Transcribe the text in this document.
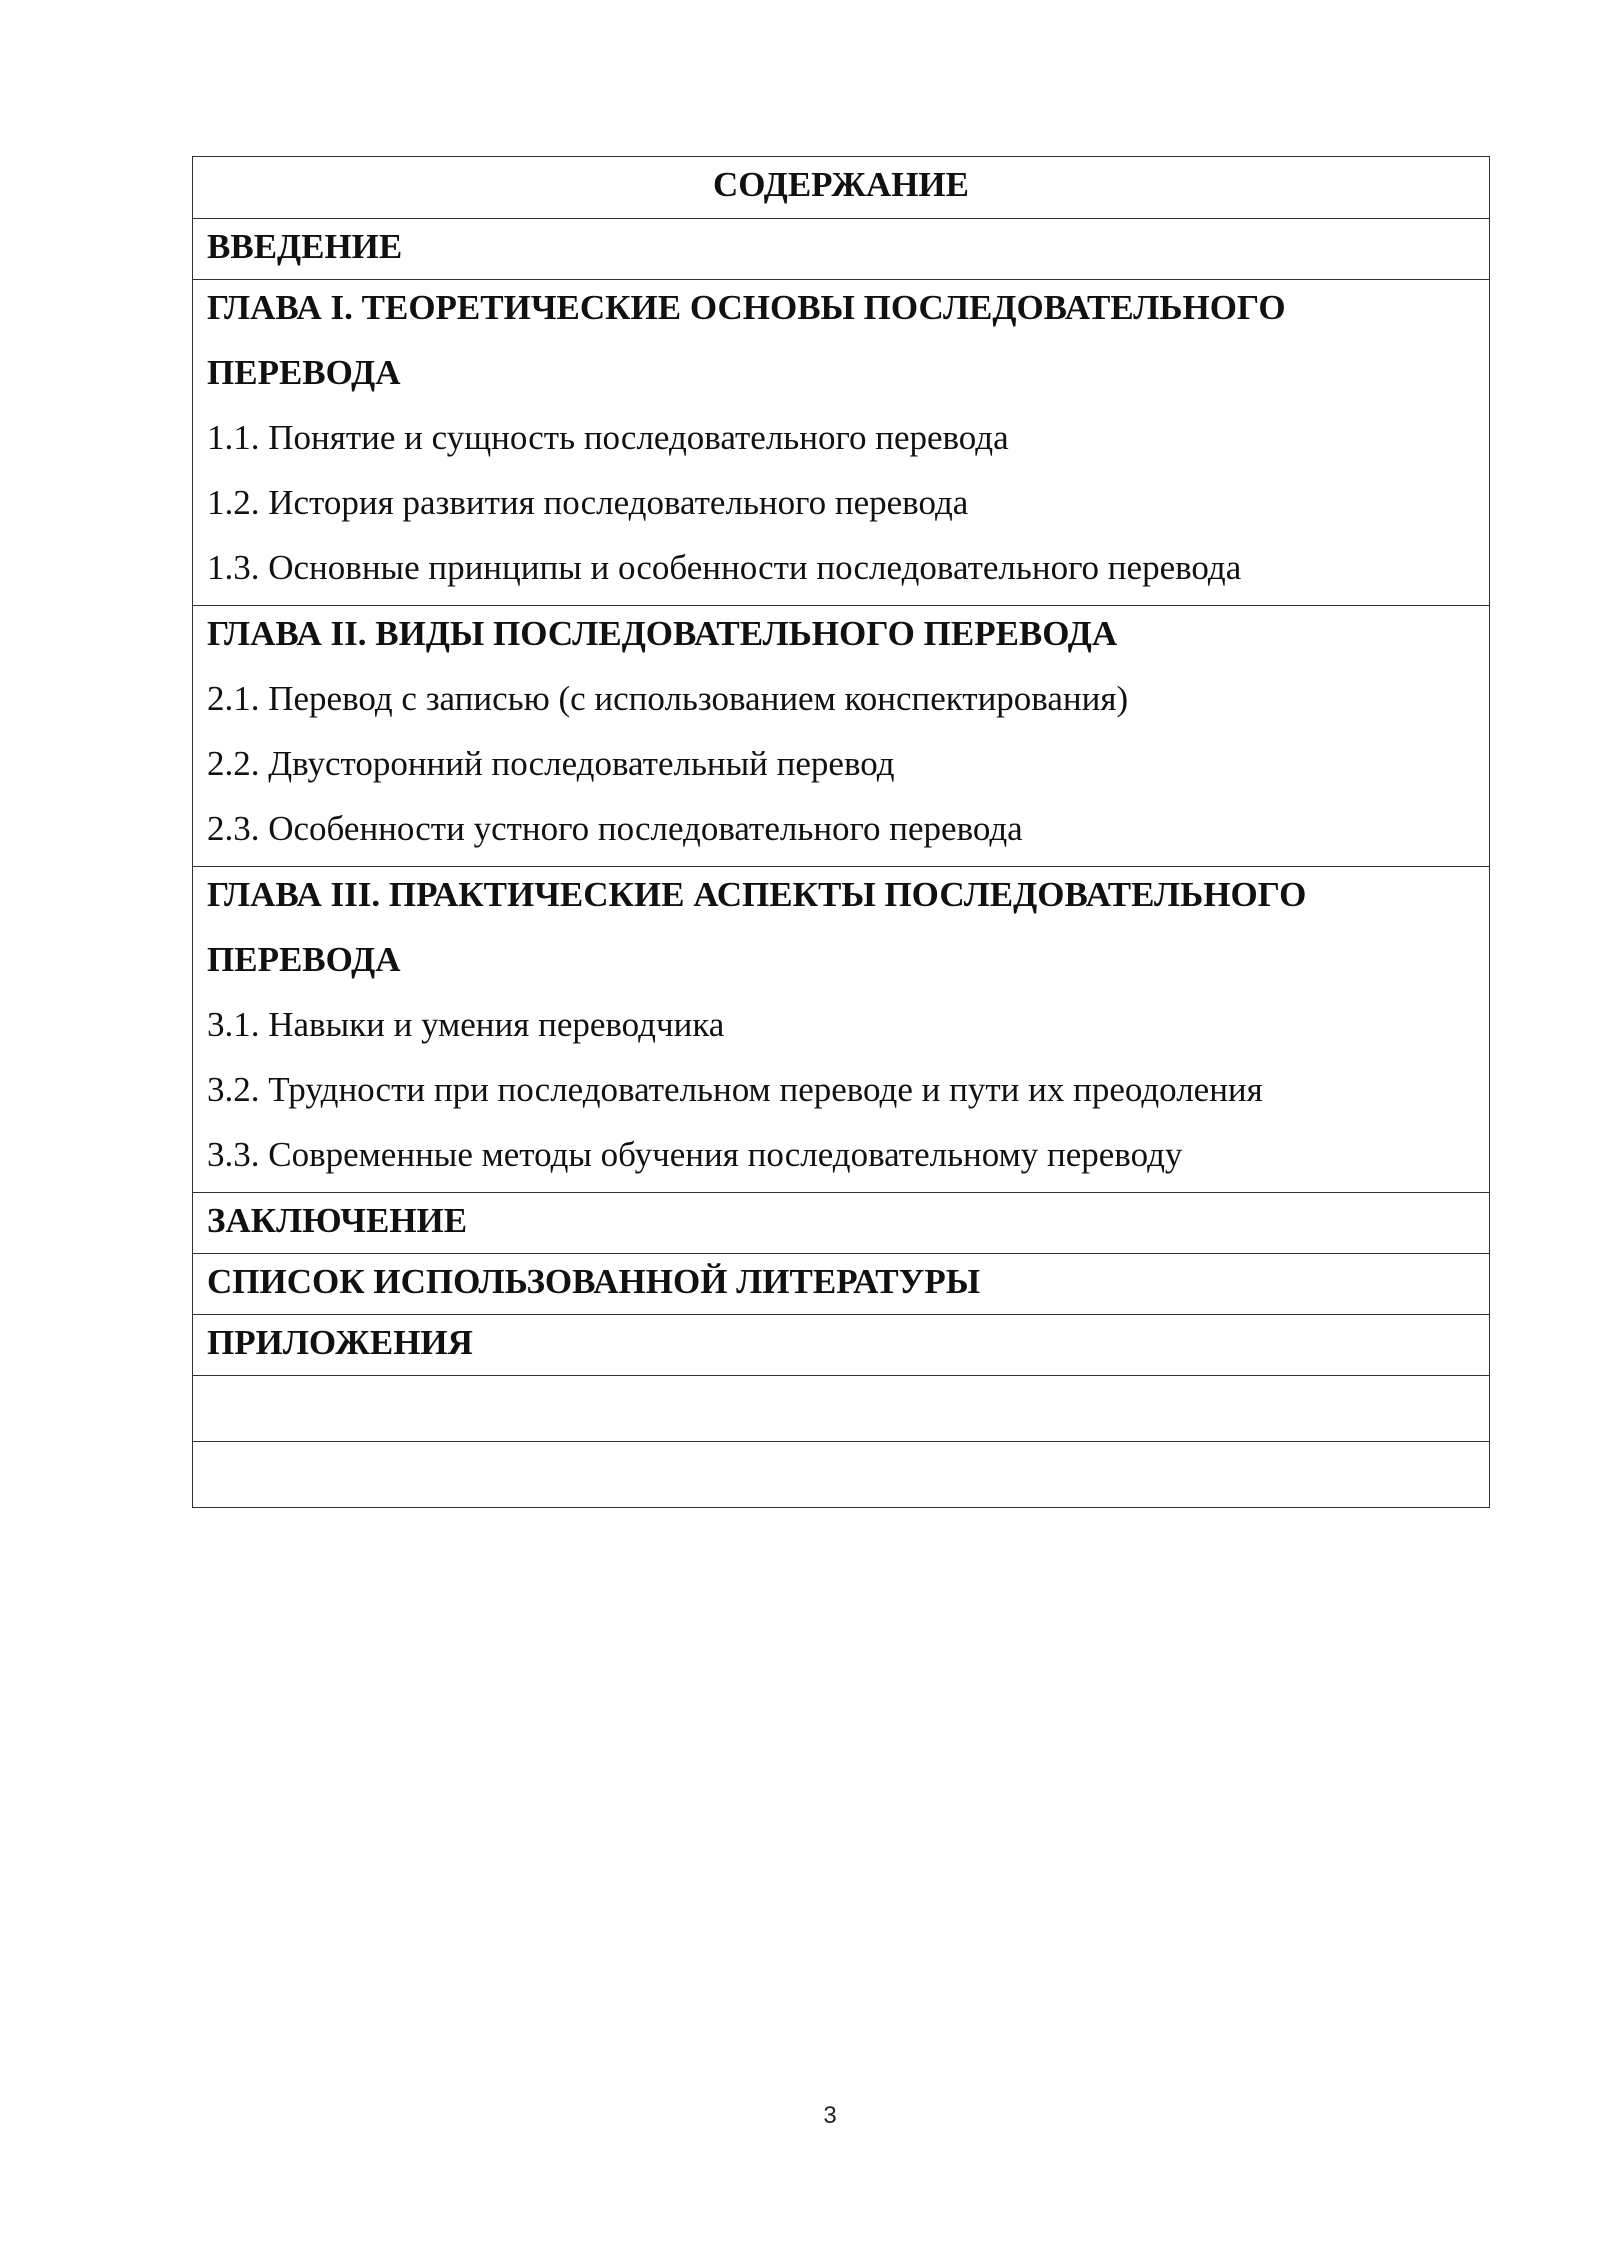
СОДЕРЖАНИЕ
ВВЕДЕНИЕ
ГЛАВА I. ТЕОРЕТИЧЕСКИЕ ОСНОВЫ ПОСЛЕДОВАТЕЛЬНОГО
ПЕРЕВОДА
1.1. Понятие и сущность последовательного перевода
1.2. История развития последовательного перевода
1.3. Основные принципы и особенности последовательного перевода
ГЛАВА II. ВИДЫ ПОСЛЕДОВАТЕЛЬНОГО ПЕРЕВОДА
2.1. Перевод с записью (с использованием конспектирования)
2.2. Двусторонний последовательный перевод
2.3. Особенности устного последовательного перевода
ГЛАВА III. ПРАКТИЧЕСКИЕ АСПЕКТЫ ПОСЛЕДОВАТЕЛЬНОГО
ПЕРЕВОДА
3.1. Навыки и умения переводчика
3.2. Трудности при последовательном переводе и пути их преодоления
3.3. Современные методы обучения последовательному переводу
ЗАКЛЮЧЕНИЕ
СПИСОК ИСПОЛЬЗОВАННОЙ ЛИТЕРАТУРЫ
ПРИЛОЖЕНИЯ
3
